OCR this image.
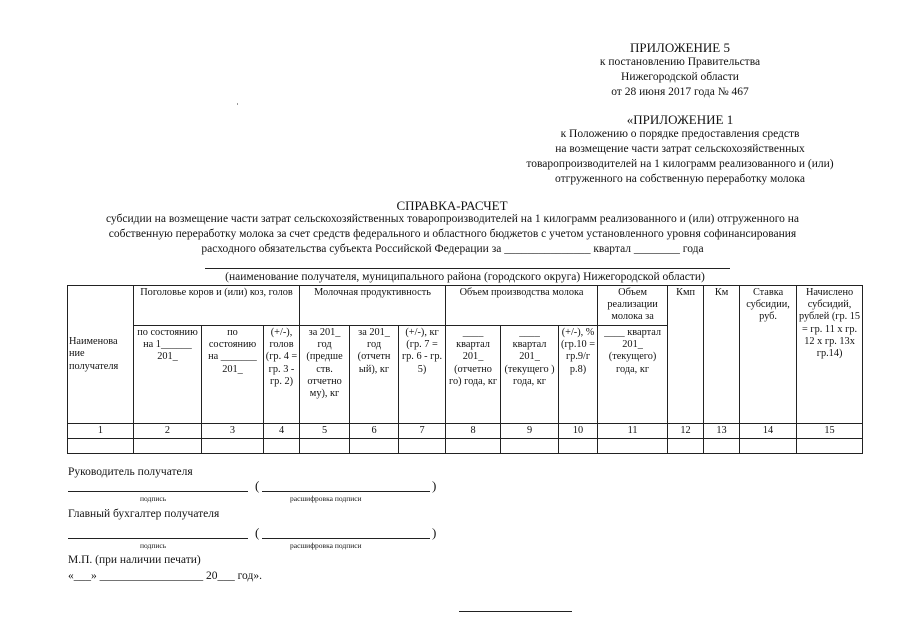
ПРИЛОЖЕНИЕ 5
к постановлению Правительства
Нижегородской области
от 28 июня 2017 года № 467
«ПРИЛОЖЕНИЕ 1
к Положению о порядке предоставления средств
на возмещение части затрат сельскохозяйственных
товаропроизводителей на 1 килограмм реализованного и (или)
отгруженного на собственную переработку молока
СПРАВКА-РАСЧЕТ
субсидии на возмещение части затрат сельскохозяйственных товаропроизводителей на 1 килограмм реализованного и (или) отгруженного на
собственную переработку молока за счет средств федерального и областного бюджетов с учетом установленного уровня софинансирования
расходного обязательства субъекта Российской Федерации за _______________ квартал ________ года
(наименование получателя, муниципального района (городского округа) Нижегородской области)
Наименова ние получателя	Поголовье коров и (или) коз, голов			Молочная продуктивность			Объем производства молока			Объем реализации молока за	Кмп	Км	Ставка субсидии, руб.	Начислено субсидий, рублей (гр. 15 = гр. 11 х гр. 12 х гр. 13х гр.14)
	по состоянию на 1______ 201_	по состоянию на _______ 201_	(+/-), голов (гр. 4 = гр. 3 - гр. 2)	за 201_ год (предше ств. отчетно му), кг	за 201_ год (отчетн ый), кг	(+/-), кг (гр. 7 = гр. 6 - гр. 5)	____ квартал 201_ (отчетно го) года, кг	____ квартал 201_ (текущего ) года, кг	(+/-), % (гр.10 = гр.9/г р.8)	____ квартал 201_ (текущего) года, кг				
1	2	3	4	5	6	7	8	9	10	11	12	13	14	15

Руководитель получателя
(	)
подпись	расшифровка подписи
Главный бухгалтер получателя
(	)
подпись	расшифровка подписи
М.П. (при наличии печати)
«___» __________________ 20___ год».
